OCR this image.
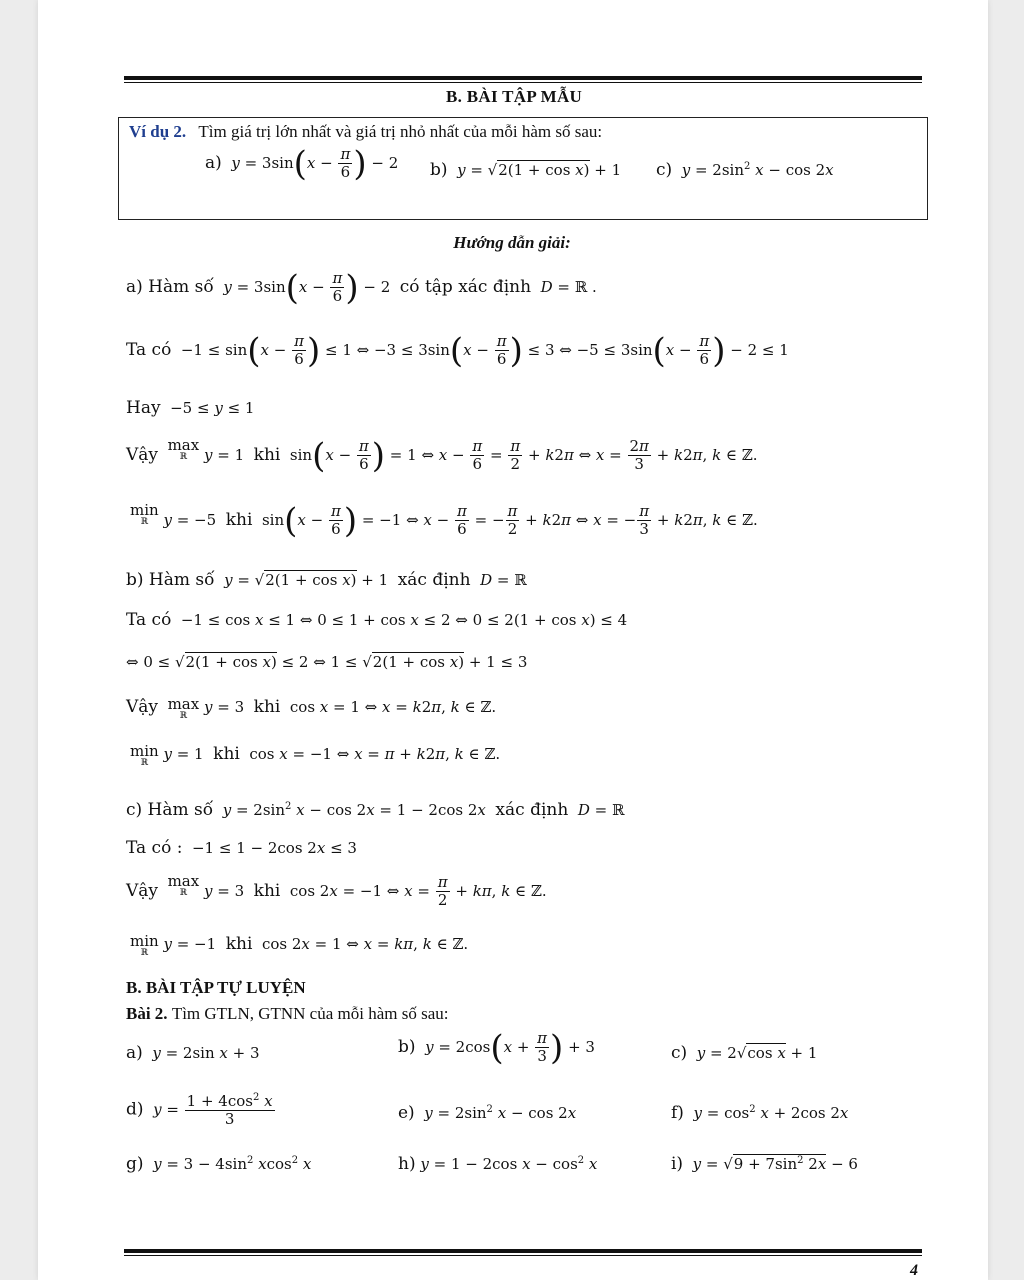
B. BÀI TẬP MẪU
Ví dụ 2. Tìm giá trị lớn nhất và giá trị nhỏ nhất của mỗi hàm số sau:
a) $y = 3\sin(x - \frac{\pi}{6}$ ) − 2 b) y = √2(1 + cos x) + 1 c) $y = 2\sin^2$ x − cos 2x
Hướng dẫn giải:
a) Hàm số $y = 3\sin(x - \frac{\pi}{6}$ ) − 2  có tập xác định D = ℝ .
Ta có  $-1 \le \sin(x - \frac{\pi}{6}$ ) ≤ 1 ⇔ $-3 \le 3\sin(x - \frac{\pi}{6}$ ) ≤ 3 ⇔ $-5 \le 3\sin(x - \frac{\pi}{6}$ ) − 2 ≤ 1
Hay  −5 ≤ y ≤ 1
Vậy max
ℝ	y = 1  khi  $\sin(x - \frac{\pi}{6}$ ) = 1 ⇔ $x - \frac{\pi}{6} = \frac{\pi}{2} + k2\pi$ ⇔ $x = \frac{2\pi}{3} + k2\pi$, k ∈ ℤ.
min
ℝ	y = −5  khi  $\sin(x - \frac{\pi}{6}$ ) = −1 ⇔ $x - \frac{\pi}{6}$ = − $\frac{\pi}{2} + k2\pi$ ⇔ x = − $\frac{\pi}{3} + k2\pi$, k ∈ ℤ.
b) Hàm số y = √2(1 + cos x) + 1  xác định D = ℝ
Ta có  −1 ≤ cos x ≤ 1 ⇔ 0 ≤ 1 + cos x ≤ 2 ⇔ 0 ≤ 2(1 + cos x) ≤ 4
⇔ 0 ≤ √2(1 + cos x) ≤ 2 ⇔ 1 ≤ √2(1 + cos x) + 1 ≤ 3
Vậy max
ℝ	y = 3  khi  cos x = 1 ⇔ x = k2π, k ∈ ℤ.
min
ℝ	y = 1  khi  cos x = −1 ⇔ x = π + k2π, k ∈ ℤ.
c) Hàm số $y = 2\sin^2$ x − cos 2x = 1 − 2cos 2x xác định D = ℝ
Ta có :  −1 ≤ 1 − 2cos 2x ≤ 3
Vậy max
ℝ	y = 3  khi  cos 2x = −1 ⇔ $x = \frac{\pi}{2} + k\pi$, k ∈ ℤ.
min
ℝ	y = −1  khi  cos 2x = 1 ⇔ x = kπ, k ∈ ℤ.
B. BÀI TẬP TỰ LUYỆN
Bài 2. Tìm GTLN, GTNN của mỗi hàm số sau:
a) y = 2sin x + 3	b) $y = 2\cos(x + \frac{\pi}{3}$ ) + 3	c) y = 2√cos x + 1
d) $y = \frac{1 + 4\cos^2 x}{3}$	e) $y = 2\sin^2$ x − cos 2x	f) $y = \cos^2 x + 2\cos$ 2x
g) $y = 3 - 4\sin^2$ xcos$^2$ x	h) y = 1 − 2cos $x - \cos^2 x$	i) $y = √9 + 7\sin^2$ 2x − 6
4
